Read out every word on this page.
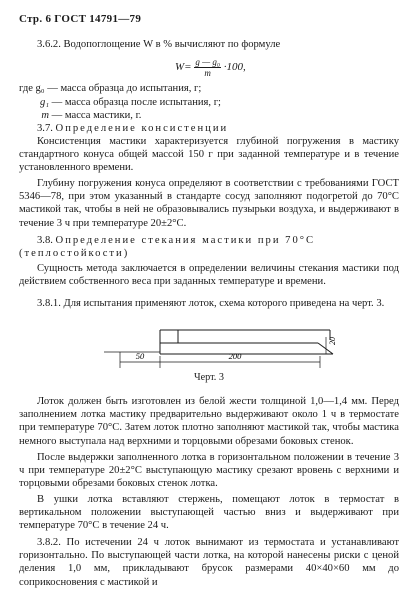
Стр. 6 ГОСТ 14791—79
3.6.2. Водопоглощение W в % вычисляют по формуле
$W= \frac{\text{g — g₀}}{m} \cdot 100$,
где g₀ — масса образца до испытания, г;
g₁ — масса образца после испытания, г;
m — масса мастики, г.
3.7. Определение консистенции
Консистенция мастики характеризуется глубиной погружения в мастику стандартного конуса общей массой 150 г при заданной температуре и в течение установленного времени.
Глубину погружения конуса определяют в соответствии с требованиями ГОСТ 5346—78, при этом указанный в стандарте сосуд заполняют подогретой до 70°С мастикой так, чтобы в ней не образовывались пузырьки воздуха, и выдерживают в течение 3 ч при температуре 20±2°С.
3.8. Определение стекания мастики при 70°С (теплостойкости)
Сущность метода заключается в определении величины стекания мастики под действием собственного веса при заданных температуре и времени.
3.8.1. Для испытания применяют лоток, схема которого приведена на черт. 3.
50	200
20
Черт. 3
Лоток должен быть изготовлен из белой жести толщиной 1,0—1,4 мм. Перед заполнением лотка мастику предварительно выдерживают около 1 ч в термостате при температуре 70°С. Затем лоток плотно заполняют мастикой так, чтобы мастика немного выступала над верхними и торцовыми обрезами боковых стенок.
После выдержки заполненного лотка в горизонтальном положении в течение 3 ч при температуре 20±2°С выступающую мастику срезают вровень с верхними и торцовыми обрезами боковых стенок лотка.
В ушки лотка вставляют стержень, помещают лоток в термостат в вертикальном положении выступающей частью вниз и выдерживают при температуре 70°С в течение 24 ч.
3.8.2. По истечении 24 ч лоток вынимают из термостата и устанавливают горизонтально. По выступающей части лотка, на которой нанесены риски с ценой деления 1,0 мм, прикладывают брусок размерами 40×40×60 мм до соприкосновения с мастикой и
